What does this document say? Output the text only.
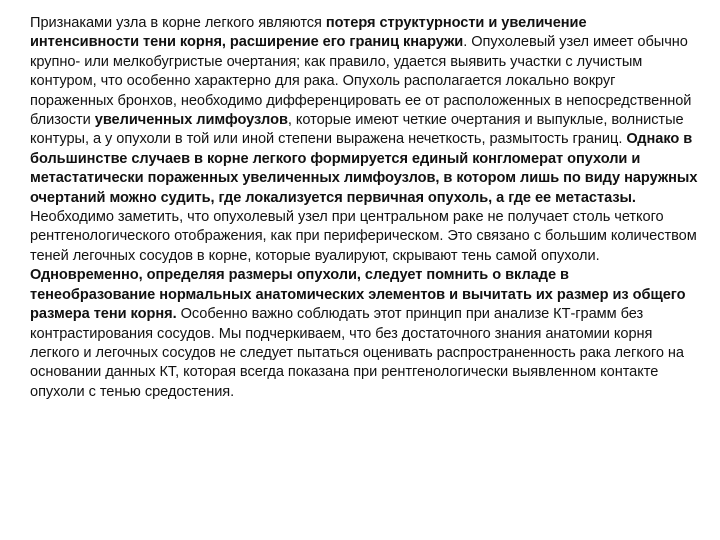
Признаками узла в корне легкого являются потеря структурности и увеличение интенсивности тени корня, расширение его границ кнаружи. Опухолевый узел имеет обычно крупно- или мелкобугристые очертания; как правило, удается выявить участки с лучистым контуром, что особенно характерно для рака. Опухоль располагается локально вокруг пораженных бронхов, необходимо дифференцировать ее от расположенных в непосредственной близости увеличенных лимфоузлов, которые имеют четкие очертания и выпуклые, волнистые контуры, а у опухоли в той или иной степени выражена нечеткость, размытость границ. Однако в большинстве случаев в корне легкого формируется единый конгломерат опухоли и метастатически пораженных увеличенных лимфоузлов, в котором лишь по виду наружных очертаний можно судить, где локализуется первичная опухоль, а где ее метастазы. Необходимо заметить, что опухолевый узел при центральном раке не получает столь четкого рентгенологического отображения, как при периферическом. Это связано с большим количеством теней легочных сосудов в корне, которые вуалируют, скрывают тень самой опухоли. Одновременно, определяя размеры опухоли, следует помнить о вкладе в тенеобразование нормальных анатомических элементов и вычитать их размер из общего размера тени корня. Особенно важно соблюдать этот принцип при анализе КТ-грамм без контрастирования сосудов. Мы подчеркиваем, что без достаточного знания анатомии корня легкого и легочных сосудов не следует пытаться оценивать распространенность рака легкого на основании данных КТ, которая всегда показана при рентгенологически выявленном контакте опухоли с тенью средостения.
